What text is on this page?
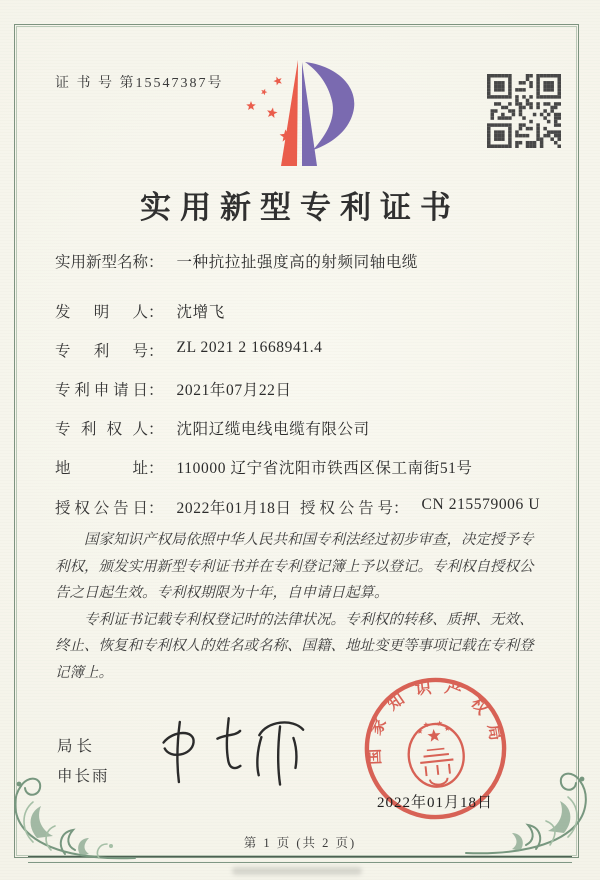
证 书 号 第15547387号
实用新型专利证书
实用新型名称 ： 一种抗拉扯强度高的射频同轴电缆
发明人 ： 沈增飞
专利号 ： ZL 2021 2 1668941.4
专利申请日 ： 2021年07月22日
专利权人 ： 沈阳辽缆电线电缆有限公司
地址 ： 110000 辽宁省沈阳市铁西区保工南街51号
授权公告日 ： 2022年01月18日 授权公告号 ： CN 215579006 U

国家知识产权局依照中华人民共和国专利法经过初步审查，决定授予专利权，颁发实用新型专利证书并在专利登记簿上予以登记。专利权自授权公告之日起生效。专利权期限为十年，自申请日起算。

专利证书记载专利权登记时的法律状况。专利权的转移、质押、无效、终止、恢复和专利权人的姓名或名称、国籍、地址变更等事项记载在专利登记簿上。

局长
申长雨
国家知识产权局
2022年01月18日
第 1 页 (共 2 页)
